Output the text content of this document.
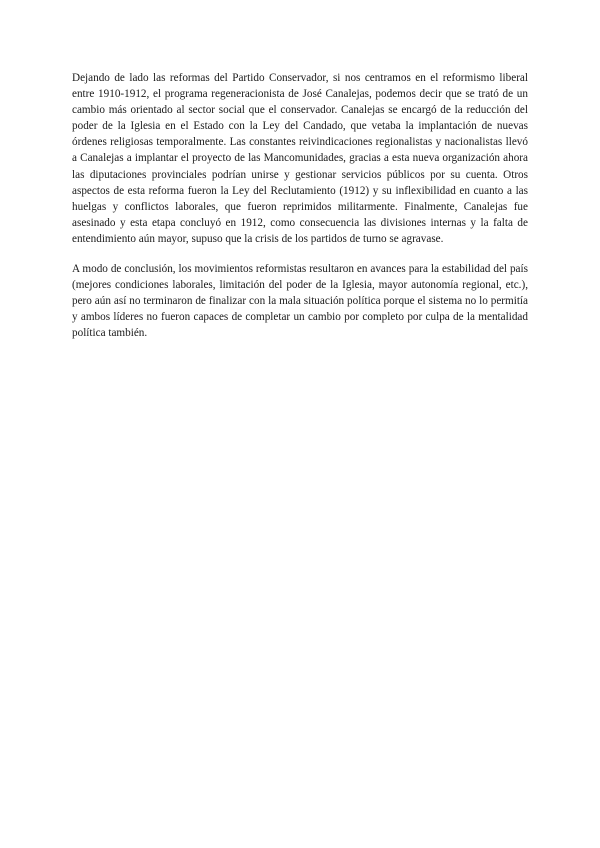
Dejando de lado las reformas del Partido Conservador, si nos centramos en el reformismo liberal entre 1910-1912, el programa regeneracionista de José Canalejas, podemos decir que se trató de un cambio más orientado al sector social que el conservador. Canalejas se encargó de la reducción del poder de la Iglesia en el Estado con la Ley del Candado, que vetaba la implantación de nuevas órdenes religiosas temporalmente. Las constantes reivindicaciones regionalistas y nacionalistas llevó a Canalejas a implantar el proyecto de las Mancomunidades, gracias a esta nueva organización ahora las diputaciones provinciales podrían unirse y gestionar servicios públicos por su cuenta. Otros aspectos de esta reforma fueron la Ley del Reclutamiento (1912) y su inflexibilidad en cuanto a las huelgas y conflictos laborales, que fueron reprimidos militarmente. Finalmente, Canalejas fue asesinado y esta etapa concluyó en 1912, como consecuencia las divisiones internas y la falta de entendimiento aún mayor, supuso que la crisis de los partidos de turno se agravase.

A modo de conclusión, los movimientos reformistas resultaron en avances para la estabilidad del país (mejores condiciones laborales, limitación del poder de la Iglesia, mayor autonomía regional, etc.), pero aún así no terminaron de finalizar con la mala situación política porque el sistema no lo permitía y ambos líderes no fueron capaces de completar un cambio por completo por culpa de la mentalidad política también.
